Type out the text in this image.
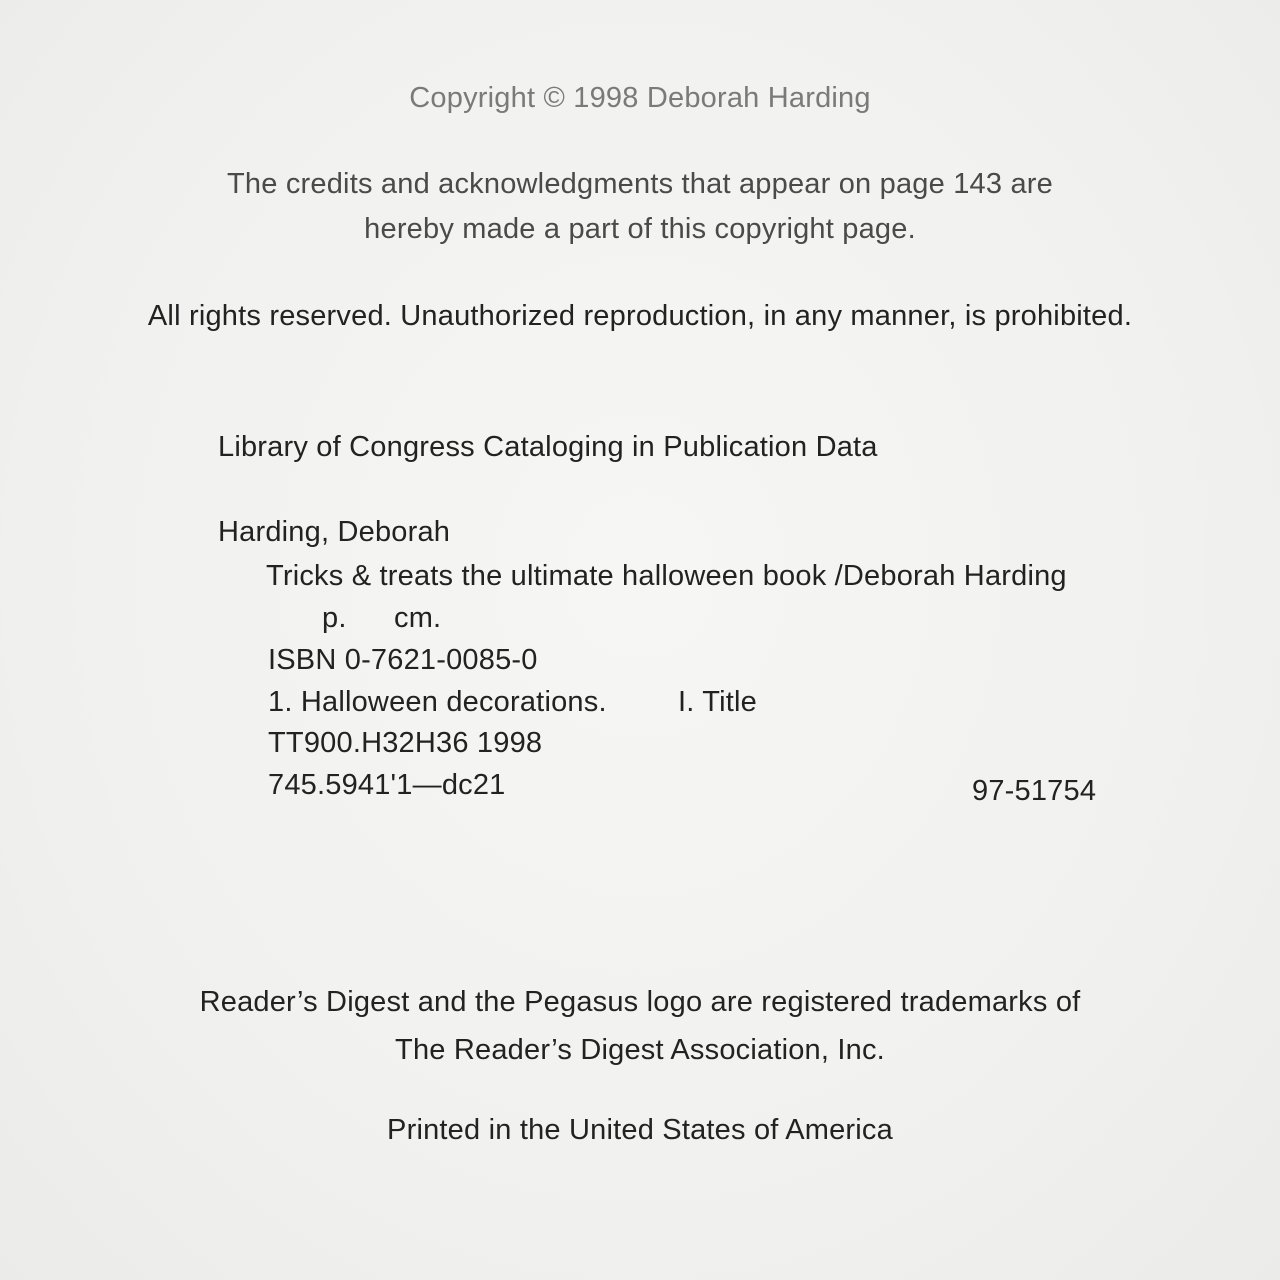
Copyright © 1998 Deborah Harding
The credits and acknowledgments that appear on page 143 are
hereby made a part of this copyright page.
All rights reserved. Unauthorized reproduction, in any manner, is prohibited.
Library of Congress Cataloging in Publication Data
Harding, Deborah
Tricks & treats the ultimate halloween book /Deborah Harding
p. cm.
ISBN 0-7621-0085-0
1. Halloween decorations. I. Title
TT900.H32H36 1998
745.5941'1—dc21	97-51754
Reader’s Digest and the Pegasus logo are registered trademarks of
The Reader’s Digest Association, Inc.
Printed in the United States of America
